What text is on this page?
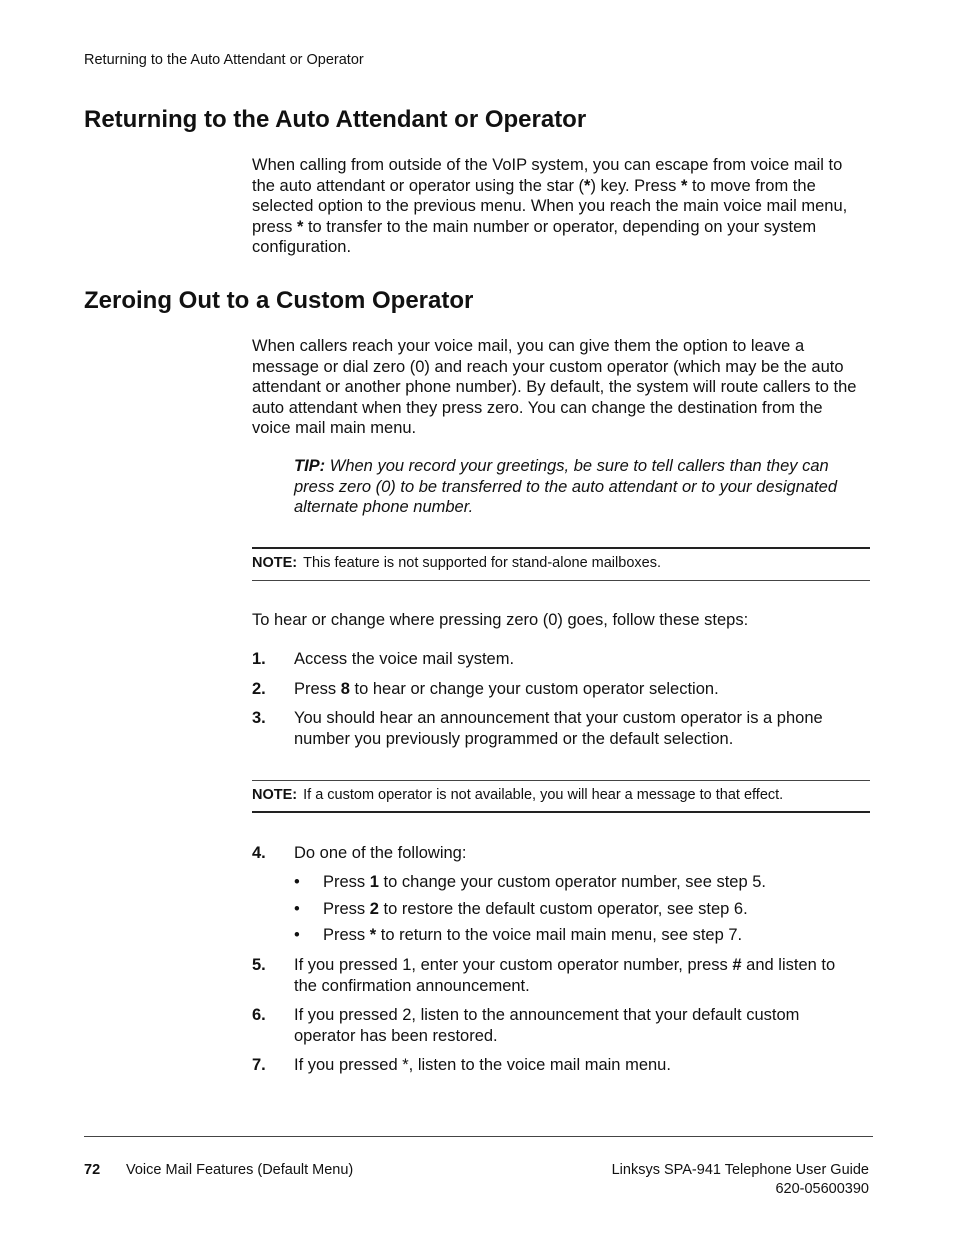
Returning to the Auto Attendant or Operator
Returning to the Auto Attendant or Operator
When calling from outside of the VoIP system, you can escape from voice mail to
the auto attendant or operator using the star (*) key. Press * to move from the
selected option to the previous menu. When you reach the main voice mail menu,
press * to transfer to the main number or operator, depending on your system
configuration.
Zeroing Out to a Custom Operator
When callers reach your voice mail, you can give them the option to leave a
message or dial zero (0) and reach your custom operator (which may be the auto
attendant or another phone number). By default, the system will route callers to the
auto attendant when they press zero. You can change the destination from the
voice mail main menu.
TIP: When you record your greetings, be sure to tell callers than they can
press zero (0) to be transferred to the auto attendant or to your designated
alternate phone number.
NOTE: This feature is not supported for stand-alone mailboxes.
To hear or change where pressing zero (0) goes, follow these steps:
1. Access the voice mail system.
2. Press 8 to hear or change your custom operator selection.
3. You should hear an announcement that your custom operator is a phone
number you previously programmed or the default selection.
NOTE: If a custom operator is not available, you will hear a message to that effect.
4. Do one of the following:
• Press 1 to change your custom operator number, see step 5.
• Press 2 to restore the default custom operator, see step 6.
• Press * to return to the voice mail main menu, see step 7.
5. If you pressed 1, enter your custom operator number, press # and listen to
the confirmation announcement.
6. If you pressed 2, listen to the announcement that your default custom
operator has been restored.
7. If you pressed *, listen to the voice mail main menu.
72 Voice Mail Features (Default Menu)	Linksys SPA-941 Telephone User Guide
620-05600390
